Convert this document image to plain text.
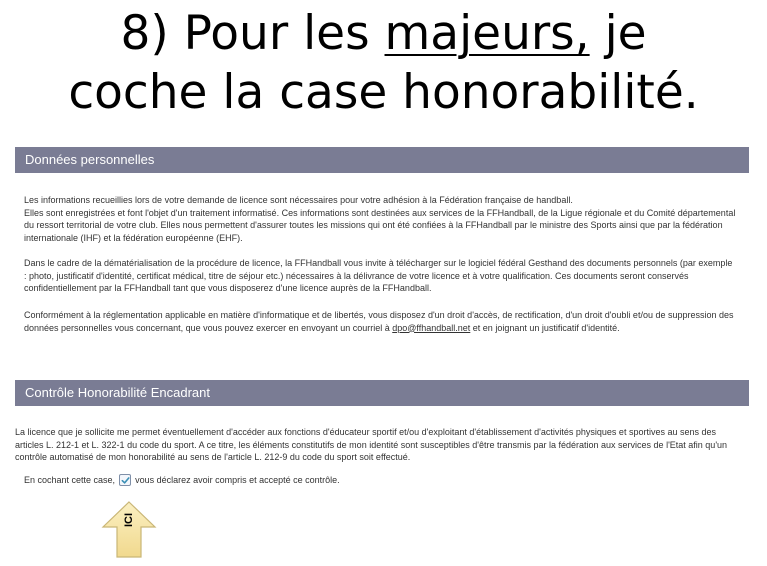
8) Pour les majeurs, je
coche la case honorabilité.
Données personnelles
Les informations recueillies lors de votre demande de licence sont nécessaires pour votre adhésion à la Fédération française de handball.
Elles sont enregistrées et font l'objet d'un traitement informatisé. Ces informations sont destinées aux services de la FFHandball, de la Ligue régionale et du Comité départemental du ressort territorial de votre club. Elles nous permettent d'assurer toutes les missions qui ont été confiées à la FFHandball par le ministre des Sports ainsi que par la fédération internationale (IHF) et la fédération européenne (EHF).
Dans le cadre de la dématérialisation de la procédure de licence, la FFHandball vous invite à télécharger sur le logiciel fédéral Gesthand des documents personnels (par exemple : photo, justificatif d'identité, certificat médical, titre de séjour etc.) nécessaires à la délivrance de votre licence et à votre qualification. Ces documents seront conservés confidentiellement par la FFHandball tant que vous disposerez d'une licence auprès de la FFHandball.
Conformément à la réglementation applicable en matière d'informatique et de libertés, vous disposez d'un droit d'accès, de rectification, d'un droit d'oubli et/ou de suppression des données personnelles vous concernant, que vous pouvez exercer en envoyant un courriel à dpo@ffhandball.net et en joignant un justificatif d'identité.
Contrôle Honorabilité Encadrant
La licence que je sollicite me permet éventuellement d'accéder aux fonctions d'éducateur sportif et/ou d'exploitant d'établissement d'activités physiques et sportives au sens des articles L. 212-1 et L. 322-1 du code du sport. A ce titre, les éléments constitutifs de mon identité sont susceptibles d'être transmis par la fédération aux services de l'Etat afin qu'un contrôle automatisé de mon honorabilité au sens de l'article L. 212-9 du code du sport soit effectué.
En cochant cette case, vous déclarez avoir compris et accepté ce contrôle.
ICI
